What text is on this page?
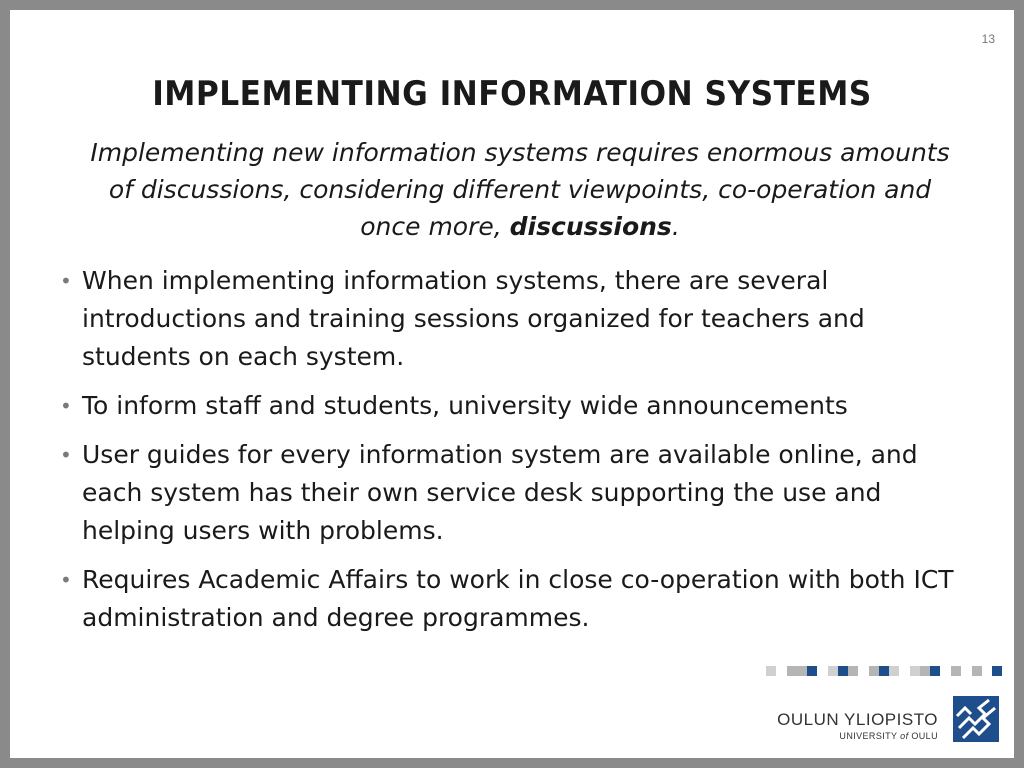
13
IMPLEMENTING INFORMATION SYSTEMS

Implementing new information systems requires enormous amounts of discussions, considering different viewpoints, co-operation and once more, discussions.

• When implementing information systems, there are several introductions and training sessions organized for teachers and students on each system.
• To inform staff and students, university wide announcements
• User guides for every information system are available online, and each system has their own service desk supporting the use and helping users with problems.
• Requires Academic Affairs to work in close co-operation with both ICT administration and degree programmes.
OULUN YLIOPISTO
UNIVERSITY of OULU
